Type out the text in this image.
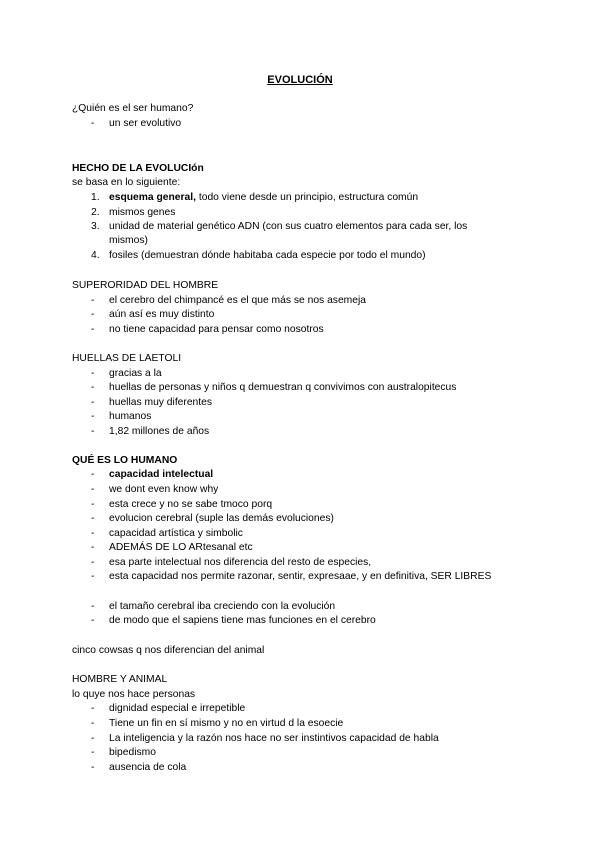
EVOLUCIÓN
¿Quién es el ser humano?
- un ser evolutivo
HECHO DE LA EVOLUCIón
se basa en lo siguiente:
1. esquema general, todo viene desde un principio, estructura común
2. mismos genes
3. unidad de material genético ADN (con sus cuatro elementos para cada ser, los mismos)
4. fosiles (demuestran dónde habitaba cada especie por todo el mundo)
SUPERORIDAD DEL HOMBRE
- el cerebro del chimpancé es el que más se nos asemeja
- aún así es muy distinto
- no tiene capacidad para pensar como nosotros
HUELLAS DE LAETOLI
- gracias a la
- huellas de personas y niños q demuestran q convivimos con australopitecus
- huellas muy diferentes
- humanos
- 1,82 millones de años
QUÉ ES LO HUMANO
- capacidad intelectual
- we dont even know why
- esta crece y no se sabe tmoco porq
- evolucion cerebral (suple las demás evoluciones)
- capacidad artística y simbolic
- ADEMÁS DE LO ARtesanal etc
- esa parte intelectual nos diferencia del resto de especies,
- esta capacidad nos permite razonar, sentir, expresaae, y en definitiva, SER LIBRES
- el tamaño cerebral iba creciendo con la evolución
- de modo que el sapiens tiene mas funciones en el cerebro
cinco cowsas q nos diferencian del animal
HOMBRE Y ANIMAL
lo quye nos hace personas
- dignidad especial e irrepetible
- Tiene un fin en sí mismo y no en virtud d la esoecie
- La inteligencia y la razón nos hace no ser instintivos capacidad de habla
- bipedismo
- ausencia de cola
